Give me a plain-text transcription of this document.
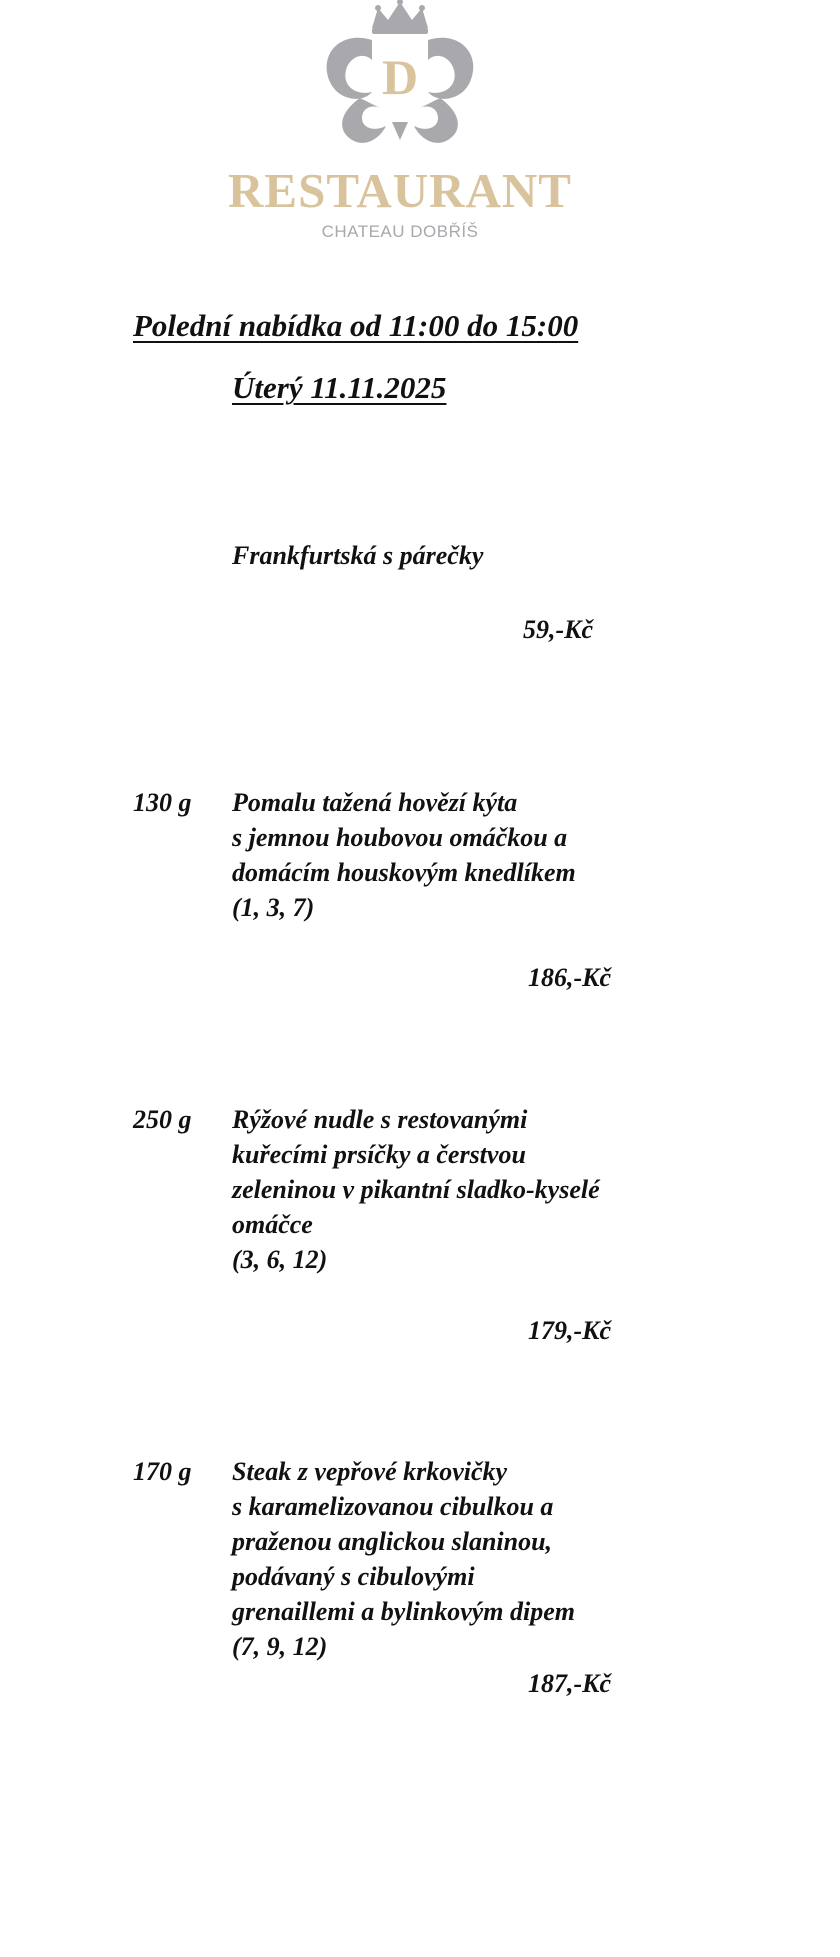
D
RESTAURANT
CHATEAU DOBŘÍŠ
Polední nabídka od 11:00 do 15:00
Úterý 11.11.2025
Frankfurtská s párečky
59,-Kč
130 g Pomalu tažená hovězí kýta
s jemnou houbovou omáčkou a
domácím houskovým knedlíkem
(1, 3, 7)
186,-Kč
250 g Rýžové nudle s restovanými
kuřecími prsíčky a čerstvou
zeleninou v pikantní sladko-kyselé
omáčce
(3, 6, 12)
179,-Kč
170 g Steak z vepřové krkovičky
s karamelizovanou cibulkou a
praženou anglickou slaninou,
podávaný s cibulovými
grenaillemi a bylinkovým dipem
(7, 9, 12)
187,-Kč
